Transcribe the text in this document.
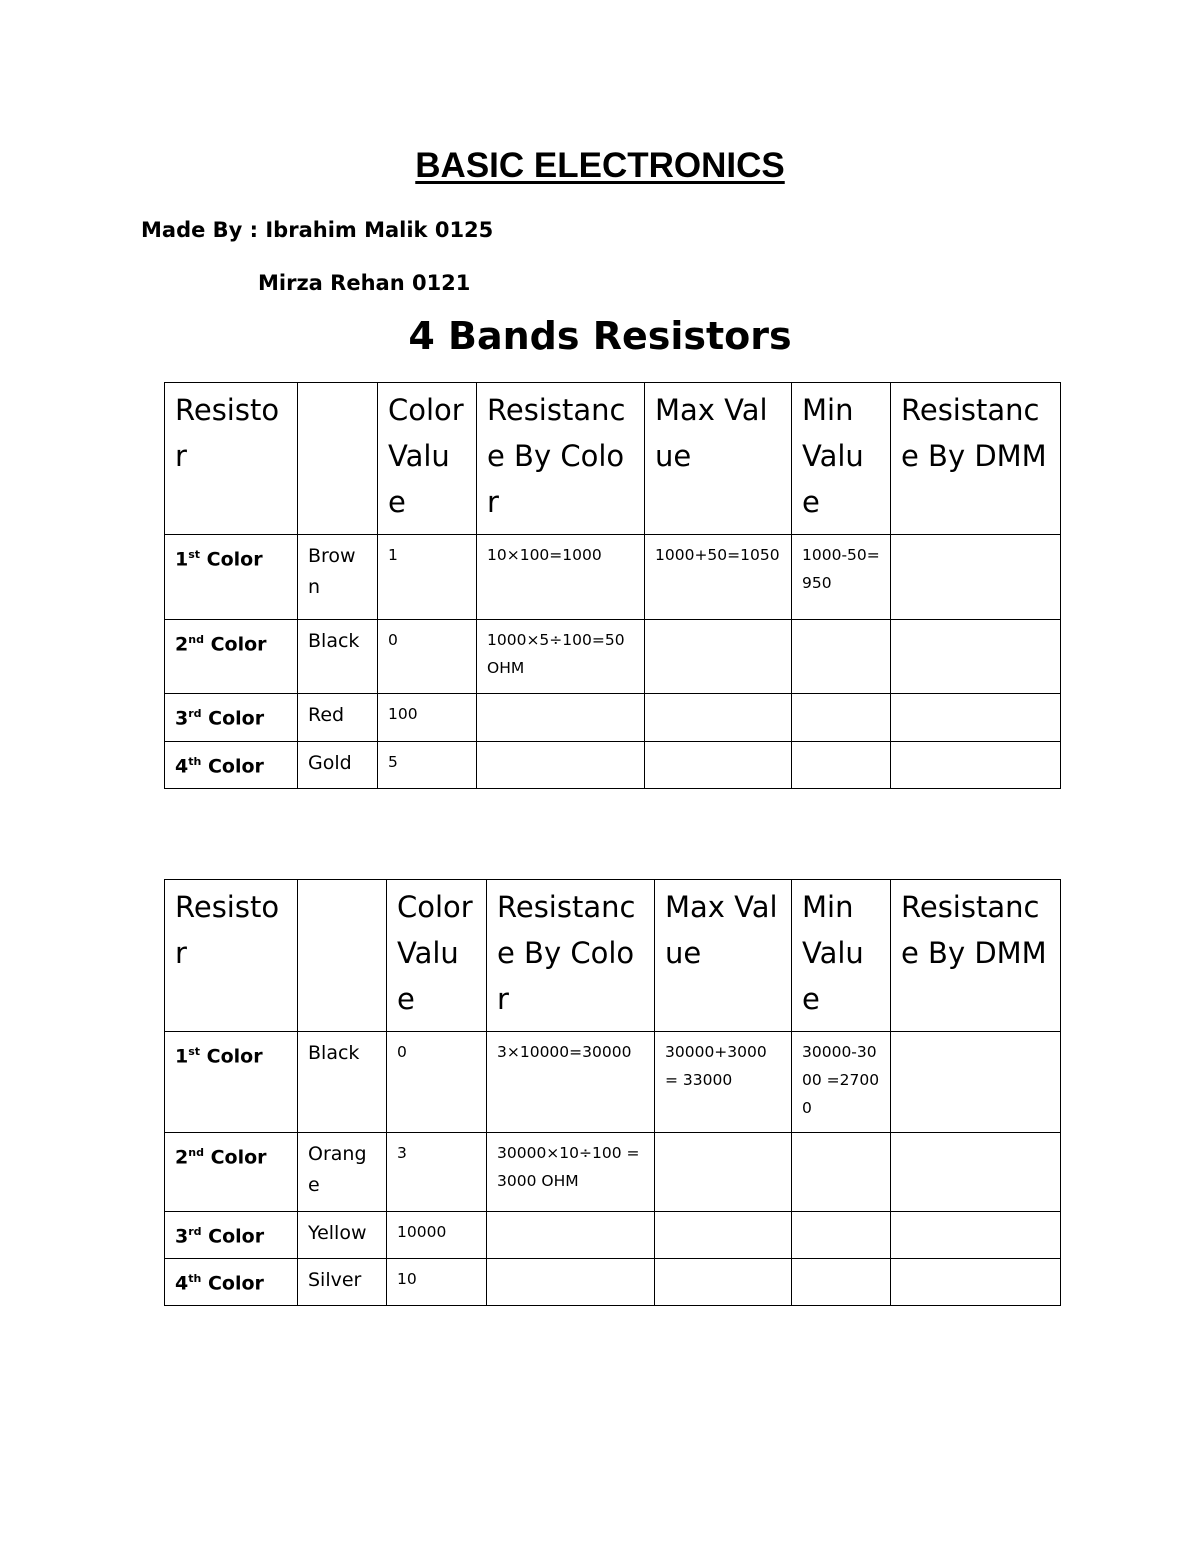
BASIC ELECTRONICS
Made By : Ibrahim Malik 0125
Mirza Rehan 0121
4 Bands Resistors
Resistor		Color Value	Resistance By Color	Max Value	Min Value	Resistance By DMM
1st Color	Brown	1	10×100=1000	1000+50=1050	1000-50=950	
2nd Color	Black	0	1000×5÷100=50 OHM			
3rd Color	Red	100				
4th Color	Gold	5				
Resistor		Color Value	Resistance By Color	Max Value	Min Value	Resistance By DMM
1st Color	Black	0	3×10000=30000	30000+3000 = 33000	30000-3000 =27000	
2nd Color	Orange	3	30000×10÷100 =3000 OHM			
3rd Color	Yellow	10000				
4th Color	Silver	10				
